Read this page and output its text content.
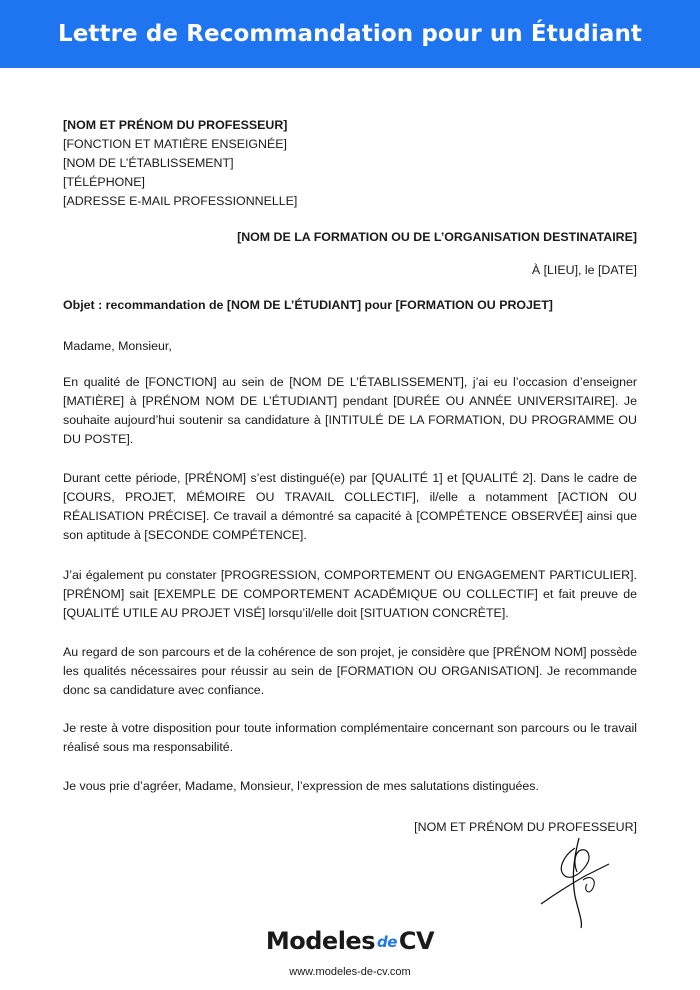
Lettre de Recommandation pour un Étudiant
[NOM ET PRÉNOM DU PROFESSEUR]
[FONCTION ET MATIÈRE ENSEIGNÉE]
[NOM DE L’ÉTABLISSEMENT]
[TÉLÉPHONE]
[ADRESSE E-MAIL PROFESSIONNELLE]
[NOM DE LA FORMATION OU DE L’ORGANISATION DESTINATAIRE]
À [LIEU], le [DATE]
Objet : recommandation de [NOM DE L’ÉTUDIANT] pour [FORMATION OU PROJET]
Madame, Monsieur,

En qualité de [FONCTION] au sein de [NOM DE L’ÉTABLISSEMENT], j’ai eu l’occasion d’enseigner [MATIÈRE] à [PRÉNOM NOM DE L’ÉTUDIANT] pendant [DURÉE OU ANNÉE UNIVERSITAIRE]. Je souhaite aujourd’hui soutenir sa candidature à [INTITULÉ DE LA FORMATION, DU PROGRAMME OU DU POSTE].

Durant cette période, [PRÉNOM] s’est distingué(e) par [QUALITÉ 1] et [QUALITÉ 2]. Dans le cadre de [COURS, PROJET, MÉMOIRE OU TRAVAIL COLLECTIF], il/elle a notamment [ACTION OU RÉALISATION PRÉCISE]. Ce travail a démontré sa capacité à [COMPÉTENCE OBSERVÉE] ainsi que son aptitude à [SECONDE COMPÉTENCE].

J’ai également pu constater [PROGRESSION, COMPORTEMENT OU ENGAGEMENT PARTICULIER]. [PRÉNOM] sait [EXEMPLE DE COMPORTEMENT ACADÉMIQUE OU COLLECTIF] et fait preuve de [QUALITÉ UTILE AU PROJET VISÉ] lorsqu’il/elle doit [SITUATION CONCRÈTE].

Au regard de son parcours et de la cohérence de son projet, je considère que [PRÉNOM NOM] possède les qualités nécessaires pour réussir au sein de [FORMATION OU ORGANISATION]. Je recommande donc sa candidature avec confiance.

Je reste à votre disposition pour toute information complémentaire concernant son parcours ou le travail réalisé sous ma responsabilité.

Je vous prie d’agréer, Madame, Monsieur, l’expression de mes salutations distinguées.
[NOM ET PRÉNOM DU PROFESSEUR]
Modeles de CV
www.modeles-de-cv.com
